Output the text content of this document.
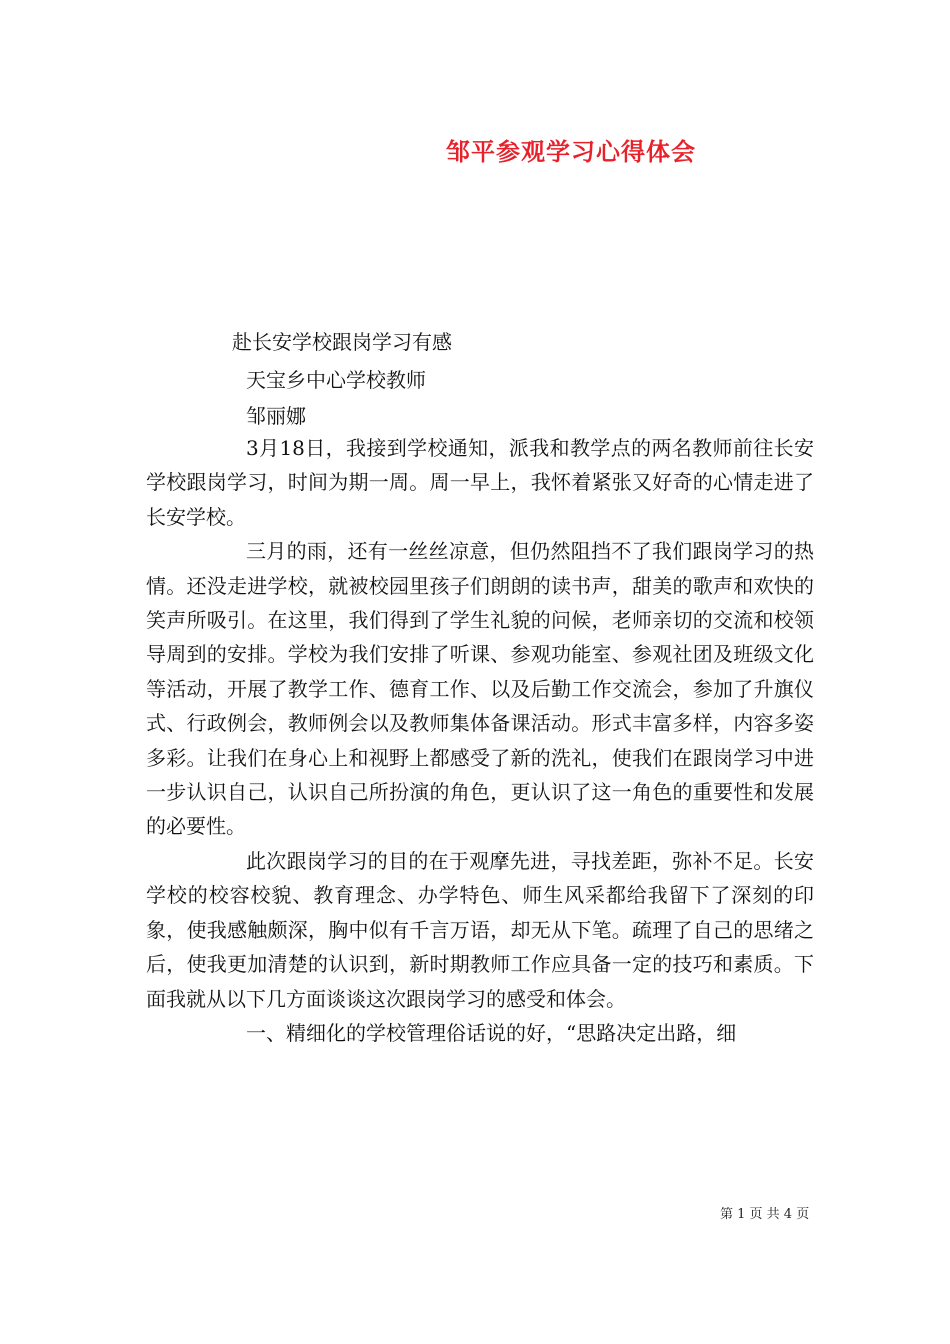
邹平参观学习心得体会
赴长安学校跟岗学习有感
天宝乡中心学校教师
邹丽娜

3月18日，我接到学校通知，派我和教学点的两名教师前往长安学校跟岗学习，时间为期一周。周一早上，我怀着紧张又好奇的心情走进了长安学校。

三月的雨，还有一丝丝凉意，但仍然阻挡不了我们跟岗学习的热情。还没走进学校，就被校园里孩子们朗朗的读书声，甜美的歌声和欢快的笑声所吸引。在这里，我们得到了学生礼貌的问候，老师亲切的交流和校领导周到的安排。学校为我们安排了听课、参观功能室、参观社团及班级文化等活动，开展了教学工作、德育工作、以及后勤工作交流会，参加了升旗仪式、行政例会，教师例会以及教师集体备课活动。形式丰富多样，内容多姿多彩。让我们在身心上和视野上都感受了新的洗礼，使我们在跟岗学习中进一步认识自己，认识自己所扮演的角色，更认识了这一角色的重要性和发展的必要性。

此次跟岗学习的目的在于观摩先进，寻找差距，弥补不足。长安学校的校容校貌、教育理念、办学特色、师生风采都给我留下了深刻的印象，使我感触颇深，胸中似有千言万语，却无从下笔。疏理了自己的思绪之后，使我更加清楚的认识到，新时期教师工作应具备一定的技巧和素质。下面我就从以下几方面谈谈这次跟岗学习的感受和体会。

一、精细化的学校管理俗话说的好，“思路决定出路，细

第 1 页 共 4 页
